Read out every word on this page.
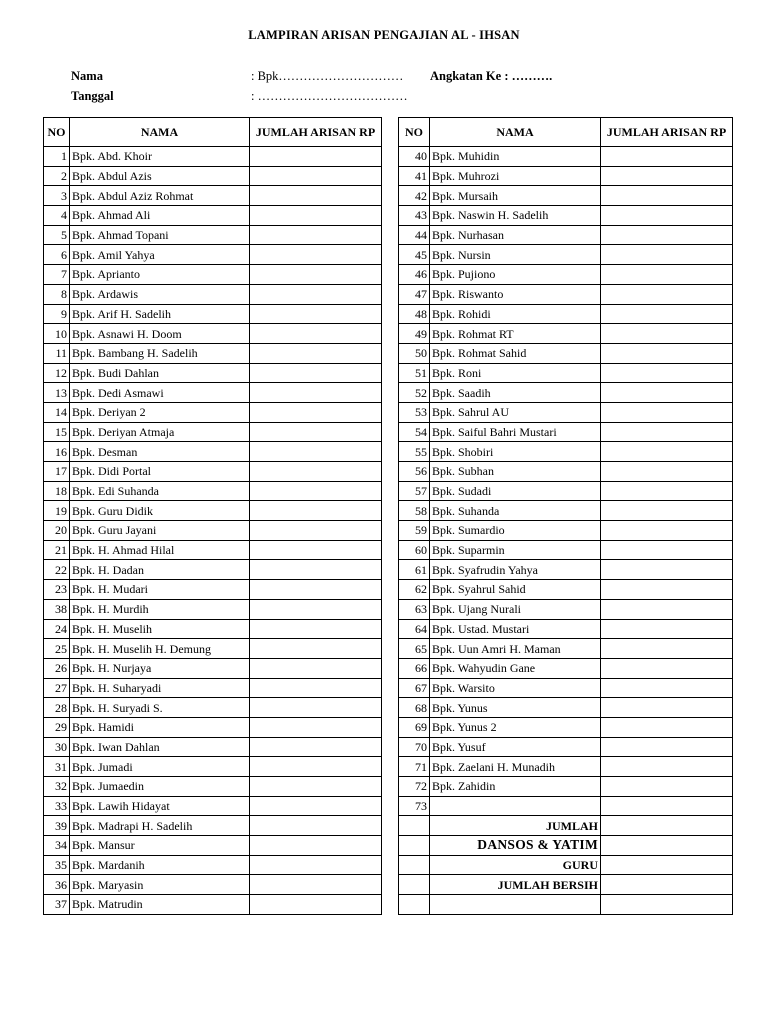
LAMPIRAN ARISAN PENGAJIAN AL - IHSAN
Nama	: Bpk………………………… Angkatan Ke : ……….
Tanggal	: ………………………………
NO	NAMA	JUMLAH ARISAN RP
1	Bpk. Abd. Khoir	
2	Bpk. Abdul Azis	
3	Bpk. Abdul Aziz Rohmat	
4	Bpk. Ahmad Ali	
5	Bpk. Ahmad Topani	
6	Bpk. Amil Yahya	
7	Bpk. Aprianto	
8	Bpk. Ardawis	
9	Bpk. Arif H. Sadelih	
10	Bpk. Asnawi H. Doom	
11	Bpk. Bambang H. Sadelih	
12	Bpk. Budi Dahlan	
13	Bpk. Dedi Asmawi	
14	Bpk. Deriyan 2	
15	Bpk. Deriyan Atmaja	
16	Bpk. Desman	
17	Bpk. Didi Portal	
18	Bpk. Edi Suhanda	
19	Bpk. Guru Didik	
20	Bpk. Guru Jayani	
21	Bpk. H. Ahmad Hilal	
22	Bpk. H. Dadan	
23	Bpk. H. Mudari	
38	Bpk. H. Murdih	
24	Bpk. H. Muselih	
25	Bpk. H. Muselih H. Demung	
26	Bpk. H. Nurjaya	
27	Bpk. H. Suharyadi	
28	Bpk. H. Suryadi S.	
29	Bpk. Hamidi	
30	Bpk. Iwan Dahlan	
31	Bpk. Jumadi	
32	Bpk. Jumaedin	
33	Bpk. Lawih Hidayat	
39	Bpk. Madrapi H. Sadelih	
34	Bpk. Mansur	
35	Bpk. Mardanih	
36	Bpk. Maryasin	
37	Bpk. Matrudin	
NO	NAMA	JUMLAH ARISAN RP
40	Bpk. Muhidin	
41	Bpk. Muhrozi	
42	Bpk. Mursaih	
43	Bpk. Naswin H. Sadelih	
44	Bpk. Nurhasan	
45	Bpk. Nursin	
46	Bpk. Pujiono	
47	Bpk. Riswanto	
48	Bpk. Rohidi	
49	Bpk. Rohmat RT	
50	Bpk. Rohmat Sahid	
51	Bpk. Roni	
52	Bpk. Saadih	
53	Bpk. Sahrul AU	
54	Bpk. Saiful Bahri Mustari	
55	Bpk. Shobiri	
56	Bpk. Subhan	
57	Bpk. Sudadi	
58	Bpk. Suhanda	
59	Bpk. Sumardio	
60	Bpk. Suparmin	
61	Bpk. Syafrudin Yahya	
62	Bpk. Syahrul Sahid	
63	Bpk. Ujang Nurali	
64	Bpk. Ustad. Mustari	
65	Bpk. Uun Amri H. Maman	
66	Bpk. Wahyudin Gane	
67	Bpk. Warsito	
68	Bpk. Yunus	
69	Bpk. Yunus 2	
70	Bpk. Yusuf	
71	Bpk. Zaelani H. Munadih	
72	Bpk. Zahidin	
73		
	JUMLAH	
	DANSOS & YATIM	
	GURU	
	JUMLAH BERSIH	
